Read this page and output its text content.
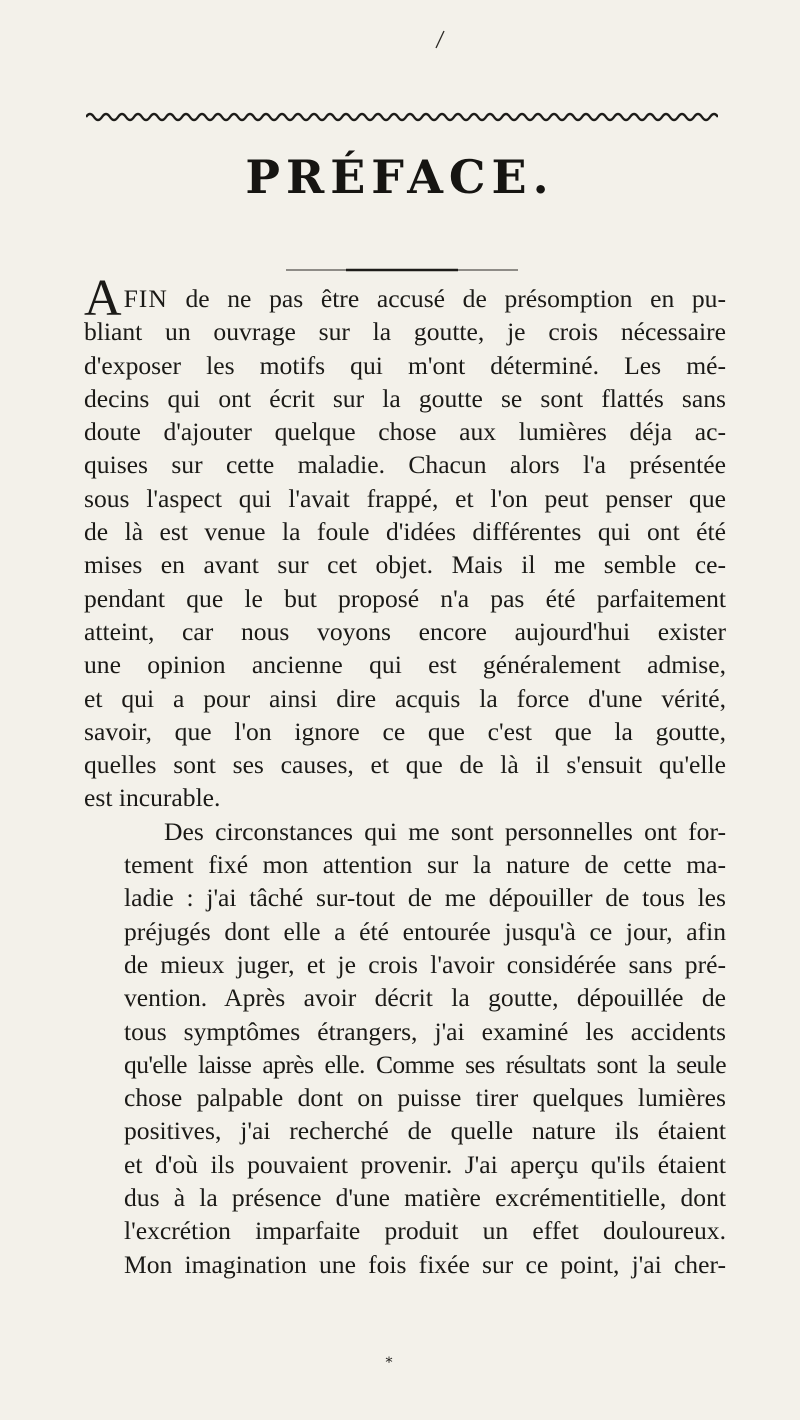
PRÉFACE.
AFIN de ne pas être accusé de présomption en pu-
bliant un ouvrage sur la goutte, je crois nécessaire
d'exposer les motifs qui m'ont déterminé. Les mé-
decins qui ont écrit sur la goutte se sont flattés sans
doute d'ajouter quelque chose aux lumières déja ac-
quises sur cette maladie. Chacun alors l'a présentée
sous l'aspect qui l'avait frappé, et l'on peut penser que
de là est venue la foule d'idées différentes qui ont été
mises en avant sur cet objet. Mais il me semble ce-
pendant que le but proposé n'a pas été parfaitement
atteint, car nous voyons encore aujourd'hui exister
une opinion ancienne qui est généralement admise,
et qui a pour ainsi dire acquis la force d'une vérité,
savoir, que l'on ignore ce que c'est que la goutte,
quelles sont ses causes, et que de là il s'ensuit qu'elle
est incurable.
Des circonstances qui me sont personnelles ont for-
tement fixé mon attention sur la nature de cette ma-
ladie : j'ai tâché sur-tout de me dépouiller de tous les
préjugés dont elle a été entourée jusqu'à ce jour, afin
de mieux juger, et je crois l'avoir considérée sans pré-
vention. Après avoir décrit la goutte, dépouillée de
tous symptômes étrangers, j'ai examiné les accidents
qu'elle laisse après elle. Comme ses résultats sont la seule
chose palpable dont on puisse tirer quelques lumières
positives, j'ai recherché de quelle nature ils étaient
et d'où ils pouvaient provenir. J'ai aperçu qu'ils étaient
dus à la présence d'une matière excrémentitielle, dont
l'excrétion imparfaite produit un effet douloureux.
Mon imagination une fois fixée sur ce point, j'ai cher-
*
